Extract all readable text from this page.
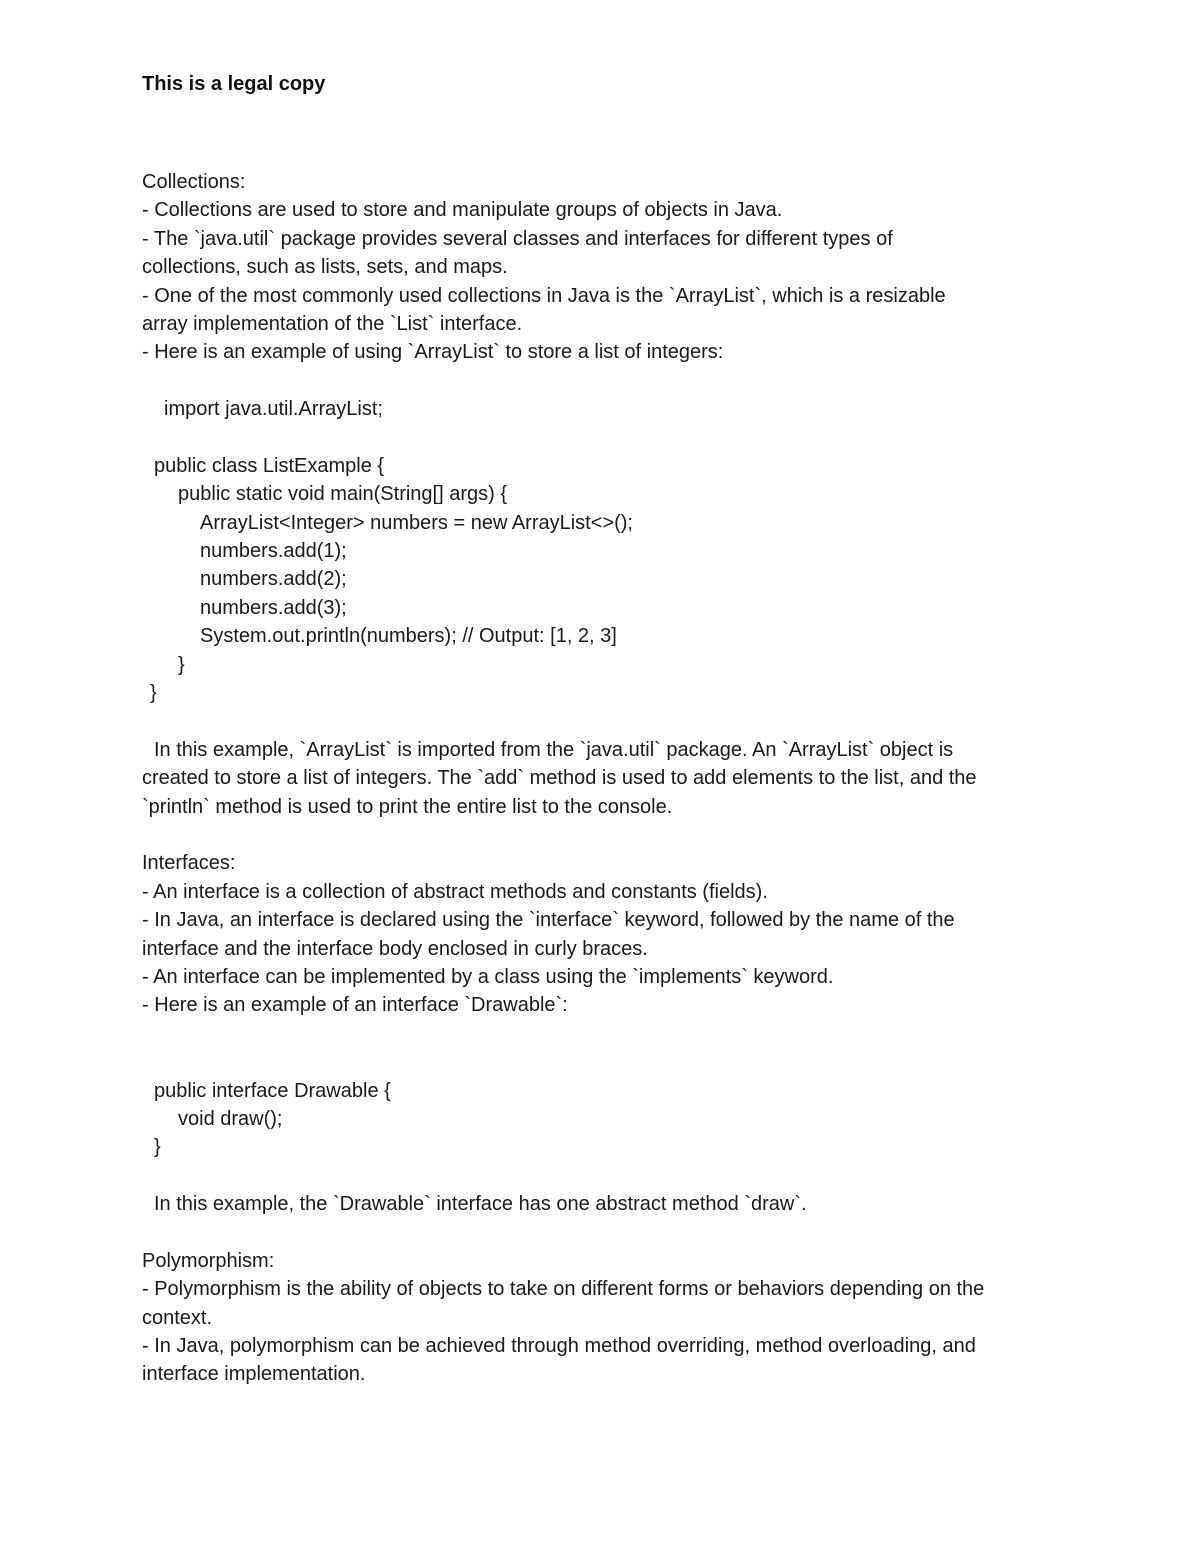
This is a legal copy
Collections:
- Collections are used to store and manipulate groups of objects in Java.
- The `java.util` package provides several classes and interfaces for different types of
collections, such as lists, sets, and maps.
- One of the most commonly used collections in Java is the `ArrayList`, which is a resizable
array implementation of the `List` interface.
- Here is an example of using `ArrayList` to store a list of integers:
import java.util.ArrayList;
public class ListExample {
public static void main(String[] args) {
ArrayList<Integer> numbers = new ArrayList<>();
numbers.add(1);
numbers.add(2);
numbers.add(3);
System.out.println(numbers); // Output: [1, 2, 3]
}
}
In this example, `ArrayList` is imported from the `java.util` package. An `ArrayList` object is
created to store a list of integers. The `add` method is used to add elements to the list, and the
`println` method is used to print the entire list to the console.
Interfaces:
- An interface is a collection of abstract methods and constants (fields).
- In Java, an interface is declared using the `interface` keyword, followed by the name of the
interface and the interface body enclosed in curly braces.
- An interface can be implemented by a class using the `implements` keyword.
- Here is an example of an interface `Drawable`:
public interface Drawable {
void draw();
}
In this example, the `Drawable` interface has one abstract method `draw`.
Polymorphism:
- Polymorphism is the ability of objects to take on different forms or behaviors depending on the
context.
- In Java, polymorphism can be achieved through method overriding, method overloading, and
interface implementation.
